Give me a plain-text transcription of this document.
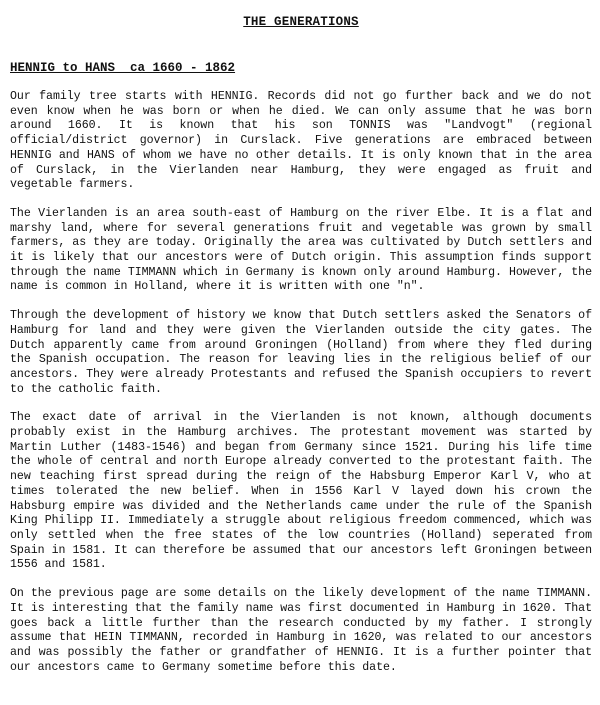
THE GENERATIONS
HENNIG to HANS  ca 1660 - 1862

Our family tree starts with HENNIG. Records did not go further back and we do not even know when he was born or when he died. We can only assume that he was born around 1660. It is known that his son TONNIS was "Landvogt" (regional official/district governor) in Curslack. Five generations are embraced between HENNIG and HANS of whom we have no other details. It is only known that in the area of Curslack, in the Vierlanden near Hamburg, they were engaged as fruit and vegetable farmers.

The Vierlanden is an area south-east of Hamburg on the river Elbe. It is a flat and marshy land, where for several generations fruit and vegetable was grown by small farmers, as they are today. Originally the area was cultivated by Dutch settlers and it is likely that our ancestors were of Dutch origin. This assumption finds support through the name TIMMANN which in Germany is known only around Hamburg. However, the name is common in Holland, where it is written with one "n".

Through the development of history we know that Dutch settlers asked the Senators of Hamburg for land and they were given the Vierlanden outside the city gates. The Dutch apparently came from around Groningen (Holland) from where they fled during the Spanish occupation. The reason for leaving lies in the religious belief of our ancestors. They were already Protestants and refused the Spanish occupiers to revert to the catholic faith.

The exact date of arrival in the Vierlanden is not known, although documents probably exist in the Hamburg archives. The protestant movement was started by Martin Luther (1483-1546) and began from Germany since 1521. During his life time the whole of central and north Europe already converted to the protestant faith. The new teaching first spread during the reign of the Habsburg Emperor Karl V, who at times tolerated the new belief. When in 1556 Karl V layed down his crown the Habsburg empire was divided and the Netherlands came under the rule of the Spanish King Philipp II. Immediately a struggle about religious freedom commenced, which was only settled when the free states of the low countries (Holland) seperated from Spain in 1581. It can therefore be assumed that our ancestors left Groningen between 1556 and 1581.

On the previous page are some details on the likely development of the name TIMMANN. It is interesting that the family name was first documented in Hamburg in 1620. That goes back a little further than the research conducted by my father. I strongly assume that HEIN TIMMANN, recorded in Hamburg in 1620, was related to our ancestors and was possibly the father or grandfather of HENNIG. It is a further pointer that our ancestors came to Germany sometime before this date.
